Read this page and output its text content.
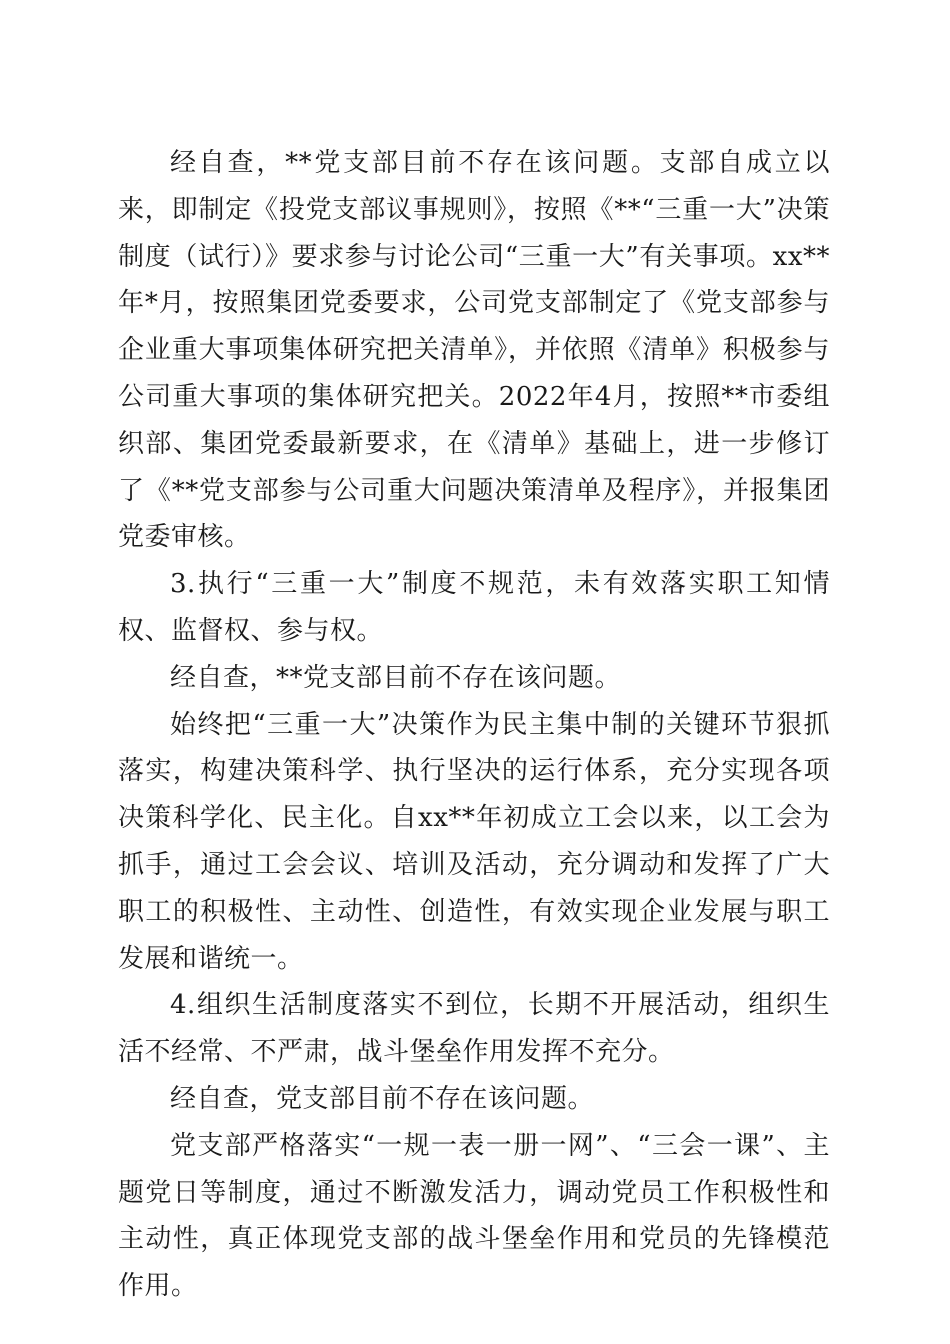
经自查，**党支部目前不存在该问题。支部自成立以来，即制定《投党支部议事规则》，按照《**“三重一大”决策制度（试行）》要求参与讨论公司“三重一大”有关事项。xx**年*月，按照集团党委要求，公司党支部制定了《党支部参与企业重大事项集体研究把关清单》，并依照《清单》积极参与公司重大事项的集体研究把关。2022年4月，按照**市委组织部、集团党委最新要求，在《清单》基础上，进一步修订了《**党支部参与公司重大问题决策清单及程序》，并报集团党委审核。

3.执行“三重一大”制度不规范，未有效落实职工知情权、监督权、参与权。

经自查，**党支部目前不存在该问题。

始终把“三重一大”决策作为民主集中制的关键环节狠抓落实，构建决策科学、执行坚决的运行体系，充分实现各项决策科学化、民主化。自xx**年初成立工会以来，以工会为抓手，通过工会会议、培训及活动，充分调动和发挥了广大职工的积极性、主动性、创造性，有效实现企业发展与职工发展和谐统一。

4.组织生活制度落实不到位，长期不开展活动，组织生活不经常、不严肃，战斗堡垒作用发挥不充分。

经自查，党支部目前不存在该问题。

党支部严格落实“一规一表一册一网”、“三会一课”、主题党日等制度，通过不断激发活力，调动党员工作积极性和主动性，真正体现党支部的战斗堡垒作用和党员的先锋模范作用。
